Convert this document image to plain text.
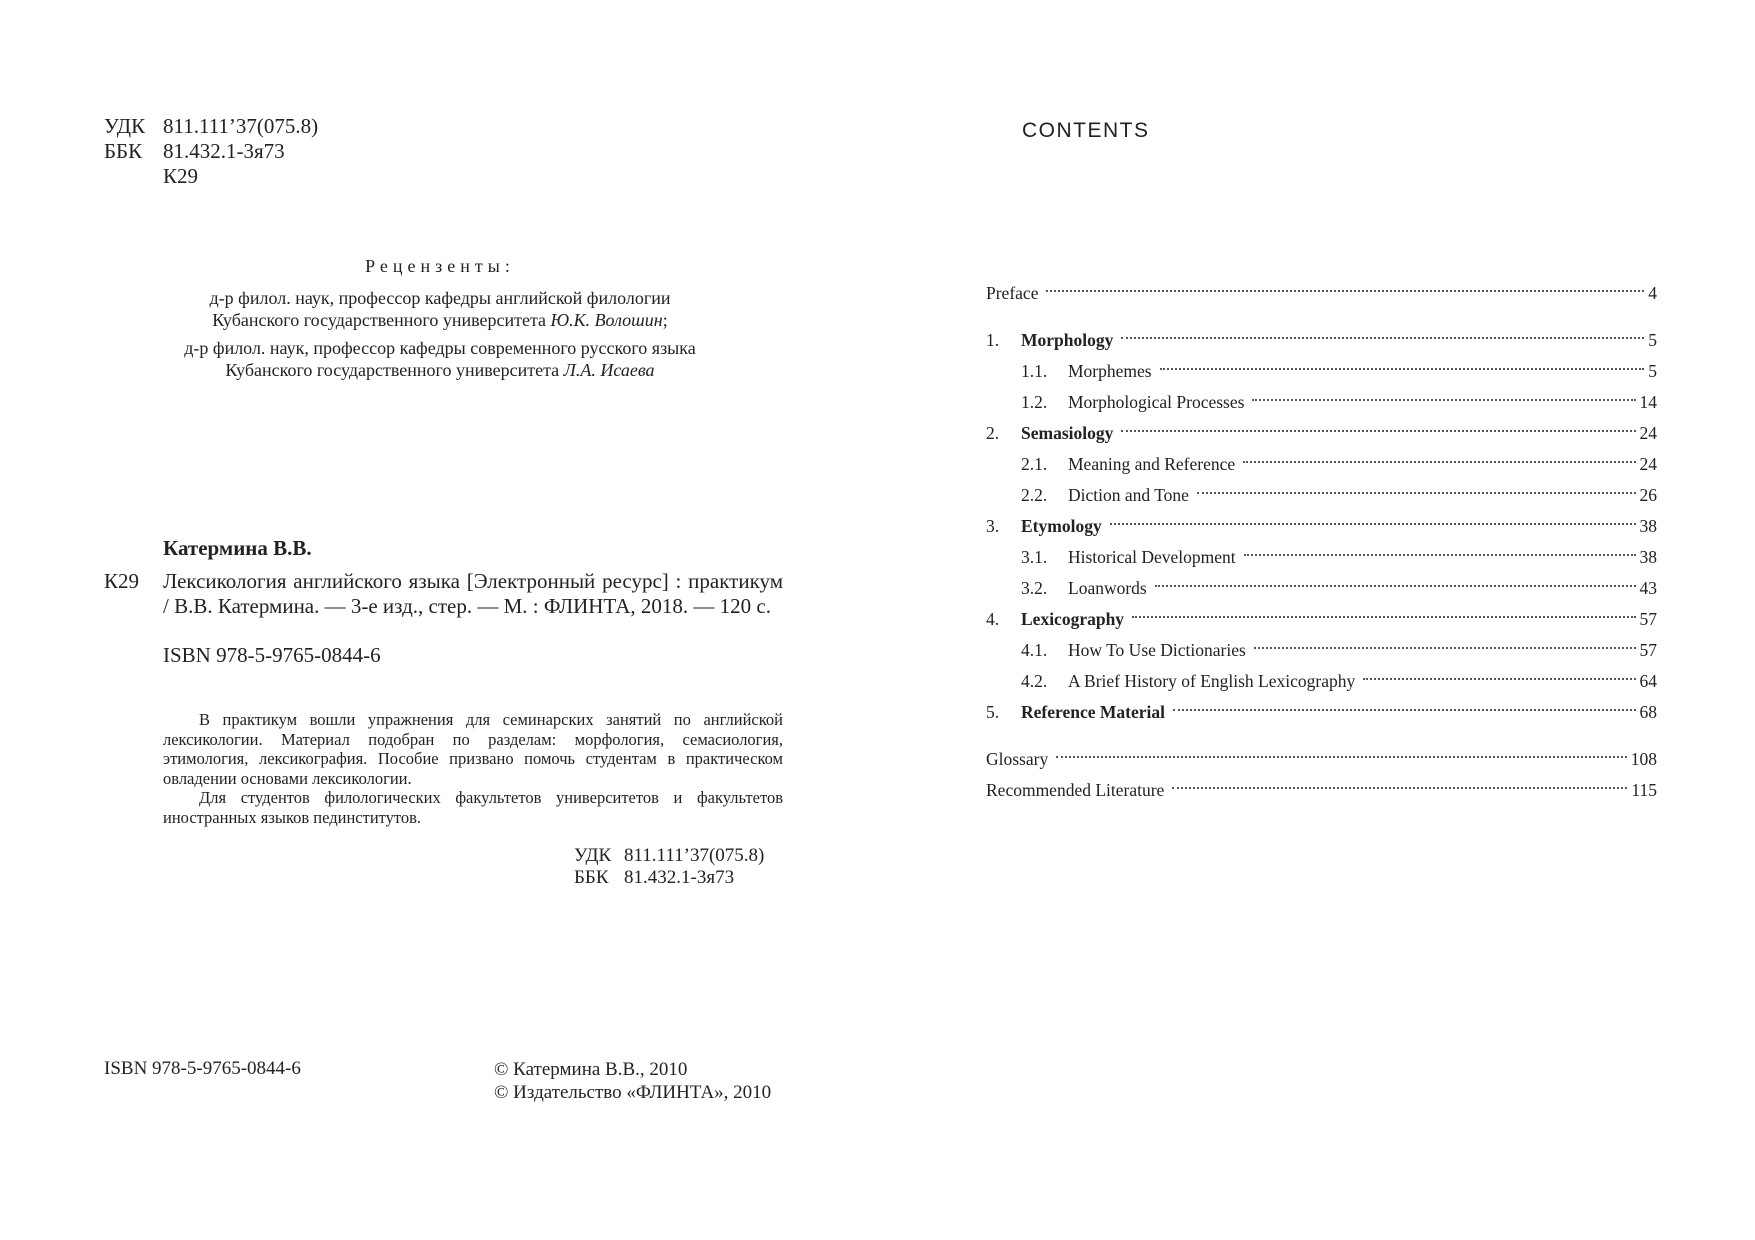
УДК 811.111’37(075.8)
ББК 81.432.1-3я73
К29
Рецензенты:
д-р филол. наук, профессор кафедры английской филологии
Кубанского государственного университета Ю.К. Волошин;
д-р филол. наук, профессор кафедры современного русского языка
Кубанского государственного университета Л.А. Исаева
Катермина В.В.
К29	Лексикология английского языка [Электронный ресурс] : практикум / В.В. Катермина. — 3-е изд., стер. — М. : ФЛИНТА, 2018. — 120 с.
ISBN 978-5-9765-0844-6

В практикум вошли упражнения для семинарских занятий по английской лексикологии. Материал подобран по разделам: морфология, семасиология, этимология, лексикография. Пособие призвано помочь студентам в практическом овладении основами лексикологии.

Для студентов филологических факультетов университетов и факультетов иностранных языков пединститутов.

УДК 811.111’37(075.8)
ББК 81.432.1-3я73
ISBN 978-5-9765-0844-6	© Катермина В.В., 2010
© Издательство «ФЛИНТА», 2010
CONTENTS
Preface	4
1.	Morphology	5
1.1.	Morphemes	5
1.2.	Morphological Processes	14
2.	Semasiology	24
2.1.	Meaning and Reference	24
2.2.	Diction and Tone	26
3.	Etymology	38
3.1.	Historical Development	38
3.2.	Loanwords	43
4.	Lexicography	57
4.1.	How To Use Dictionaries	57
4.2.	A Brief History of English Lexicography	64
5.	Reference Material	68
Glossary	108
Recommended Literature	115
